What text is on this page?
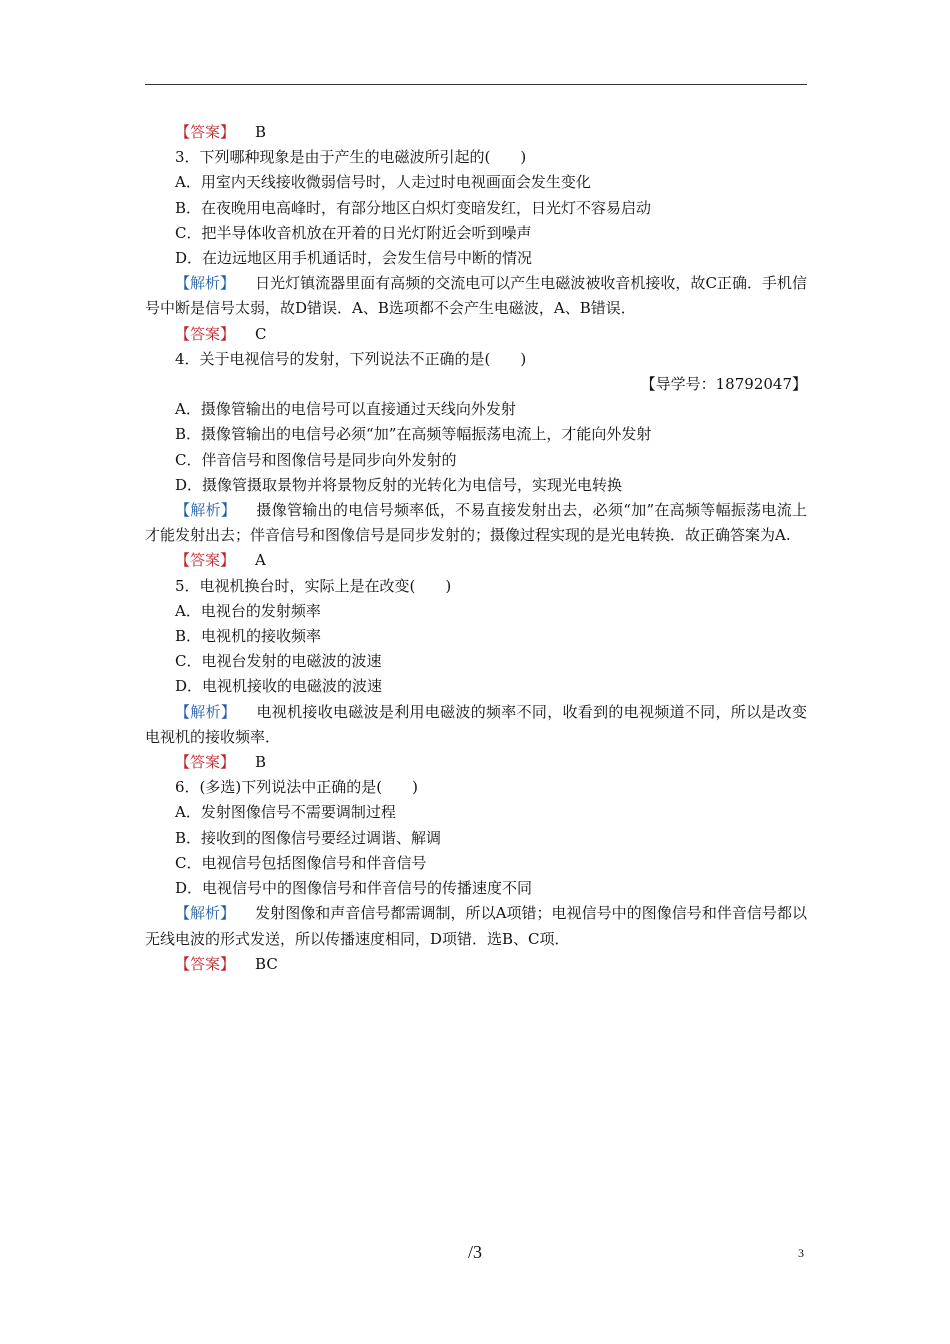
【答案】 B
3．下列哪种现象是由于产生的电磁波所引起的(　　)
A．用室内天线接收微弱信号时，人走过时电视画面会发生变化
B．在夜晚用电高峰时，有部分地区白炽灯变暗发红，日光灯不容易启动
C．把半导体收音机放在开着的日光灯附近会听到噪声
D．在边远地区用手机通话时，会发生信号中断的情况
【解析】 日光灯镇流器里面有高频的交流电可以产生电磁波被收音机接收，故C正确．手机信号中断是信号太弱，故D错误．A、B选项都不会产生电磁波，A、B错误．
【答案】 C
4．关于电视信号的发射，下列说法不正确的是(　　)
【导学号：18792047】
A．摄像管输出的电信号可以直接通过天线向外发射
B．摄像管输出的电信号必须“加”在高频等幅振荡电流上，才能向外发射
C．伴音信号和图像信号是同步向外发射的
D．摄像管摄取景物并将景物反射的光转化为电信号，实现光电转换
【解析】 摄像管输出的电信号频率低，不易直接发射出去，必须“加”在高频等幅振荡电流上才能发射出去；伴音信号和图像信号是同步发射的；摄像过程实现的是光电转换．故正确答案为A.
【答案】 A
5．电视机换台时，实际上是在改变(　　)
A．电视台的发射频率
B．电视机的接收频率
C．电视台发射的电磁波的波速
D．电视机接收的电磁波的波速
【解析】 电视机接收电磁波是利用电磁波的频率不同，收看到的电视频道不同，所以是改变电视机的接收频率．
【答案】 B
6．(多选)下列说法中正确的是(　　)
A．发射图像信号不需要调制过程
B．接收到的图像信号要经过调谐、解调
C．电视信号包括图像信号和伴音信号
D．电视信号中的图像信号和伴音信号的传播速度不同
【解析】 发射图像和声音信号都需调制，所以A项错；电视信号中的图像信号和伴音信号都以无线电波的形式发送，所以传播速度相同，D项错．选B、C项．
【答案】 BC
/3	3
